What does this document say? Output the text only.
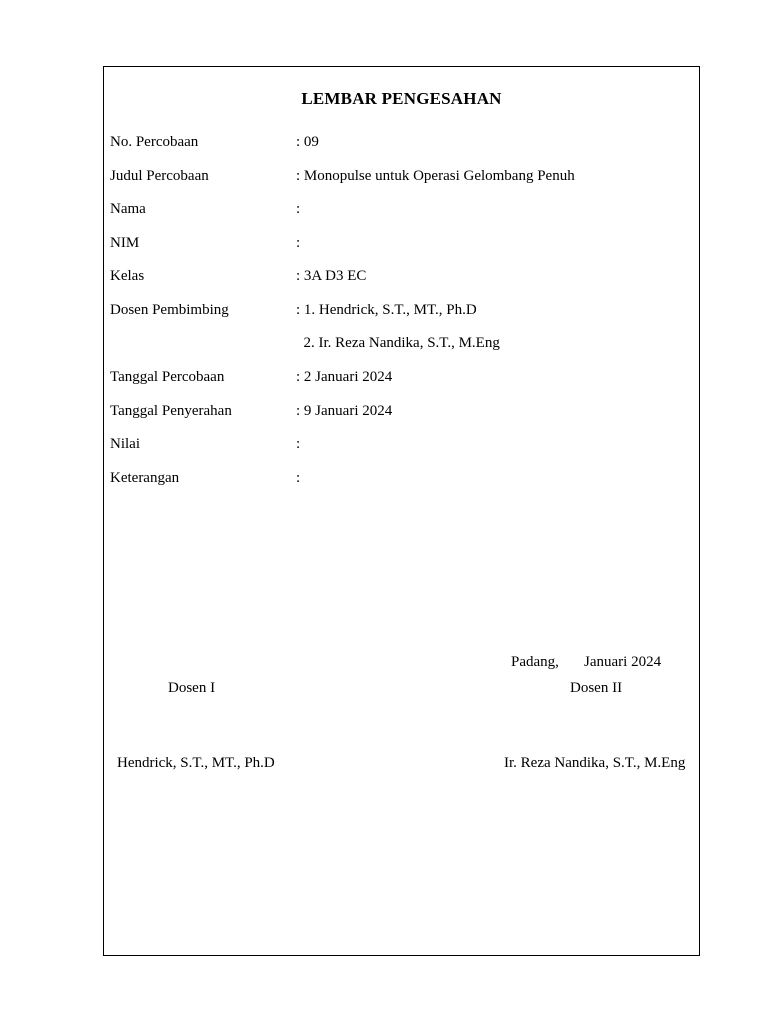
LEMBAR PENGESAHAN
No. Percobaan	: 09
Judul Percobaan	: Monopulse untuk Operasi Gelombang Penuh
Nama	:
NIM	:
Kelas	: 3A D3 EC
Dosen Pembimbing	: 1. Hendrick, S.T., MT., Ph.D
2. Ir. Reza Nandika, S.T., M.Eng
Tanggal Percobaan	: 2 Januari 2024
Tanggal Penyerahan	: 9 Januari 2024
Nilai	:
Keterangan	:
Padang, Januari 2024
Dosen I	Dosen II
Hendrick, S.T., MT., Ph.D	Ir. Reza Nandika, S.T., M.Eng
